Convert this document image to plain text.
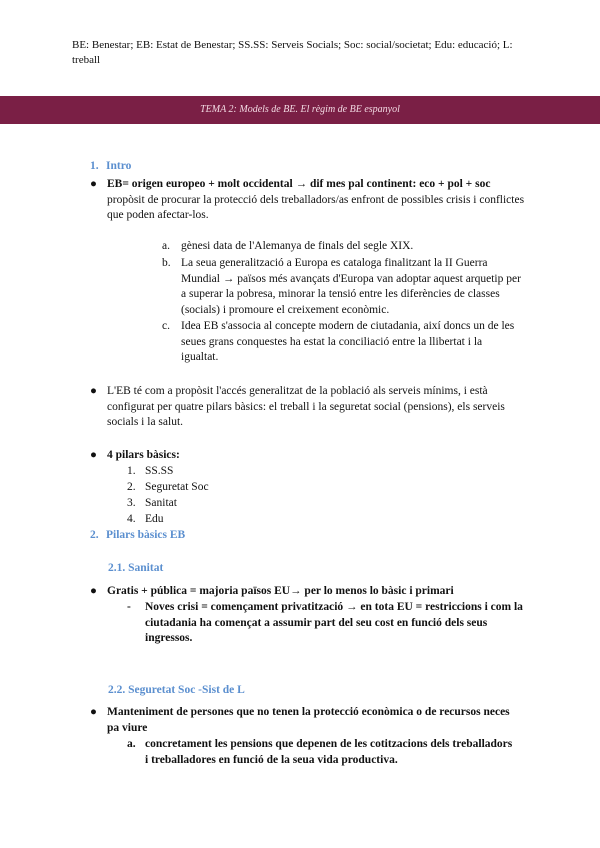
BE: Benestar; EB: Estat de Benestar; SS.SS: Serveis Socials; Soc: social/societat; Edu: educació; L: treball
TEMA 2: Models de BE. El règim de BE espanyol
1. Intro
● EB= origen europeo + molt occidental → dif mes pal continent: eco + pol + soc propòsit de procurar la protecció dels treballadors/as enfront de possibles crisis i conflictes que poden afectar-los.
a. gènesi data de l'Alemanya de finals del segle XIX.
b. La seua generalització a Europa es cataloga finalitzant la II Guerra Mundial → països més avançats d'Europa van adoptar aquest arquetip per a superar la pobresa, minorar la tensió entre les diferències de classes (socials) i promoure el creixement econòmic.
c. Idea EB s'associa al concepte modern de ciutadania, així doncs un de les seues grans conquestes ha estat la conciliació entre la llibertat i la igualtat.
● L'EB té com a propòsit l'accés generalitzat de la població als serveis mínims, i està configurat per quatre pilars bàsics: el treball i la seguretat social (pensions), els serveis socials i la salut.
● 4 pilars bàsics:
1. SS.SS
2. Seguretat Soc
3. Sanitat
4. Edu
2. Pilars bàsics EB
2.1. Sanitat
● Gratis + pública = majoria països EU→ per lo menos lo bàsic i primari
- Noves crisi = començament privatització → en tota EU = restriccions i com la ciutadania ha començat a assumir part del seu cost en funció dels seus ingressos.
2.2. Seguretat Soc -Sist de L
● Manteniment de persones que no tenen la protecció econòmica o de recursos neces pa viure
a. concretament les pensions que depenen de les cotitzacions dels treballadors i treballadores en funció de la seua vida productiva.
